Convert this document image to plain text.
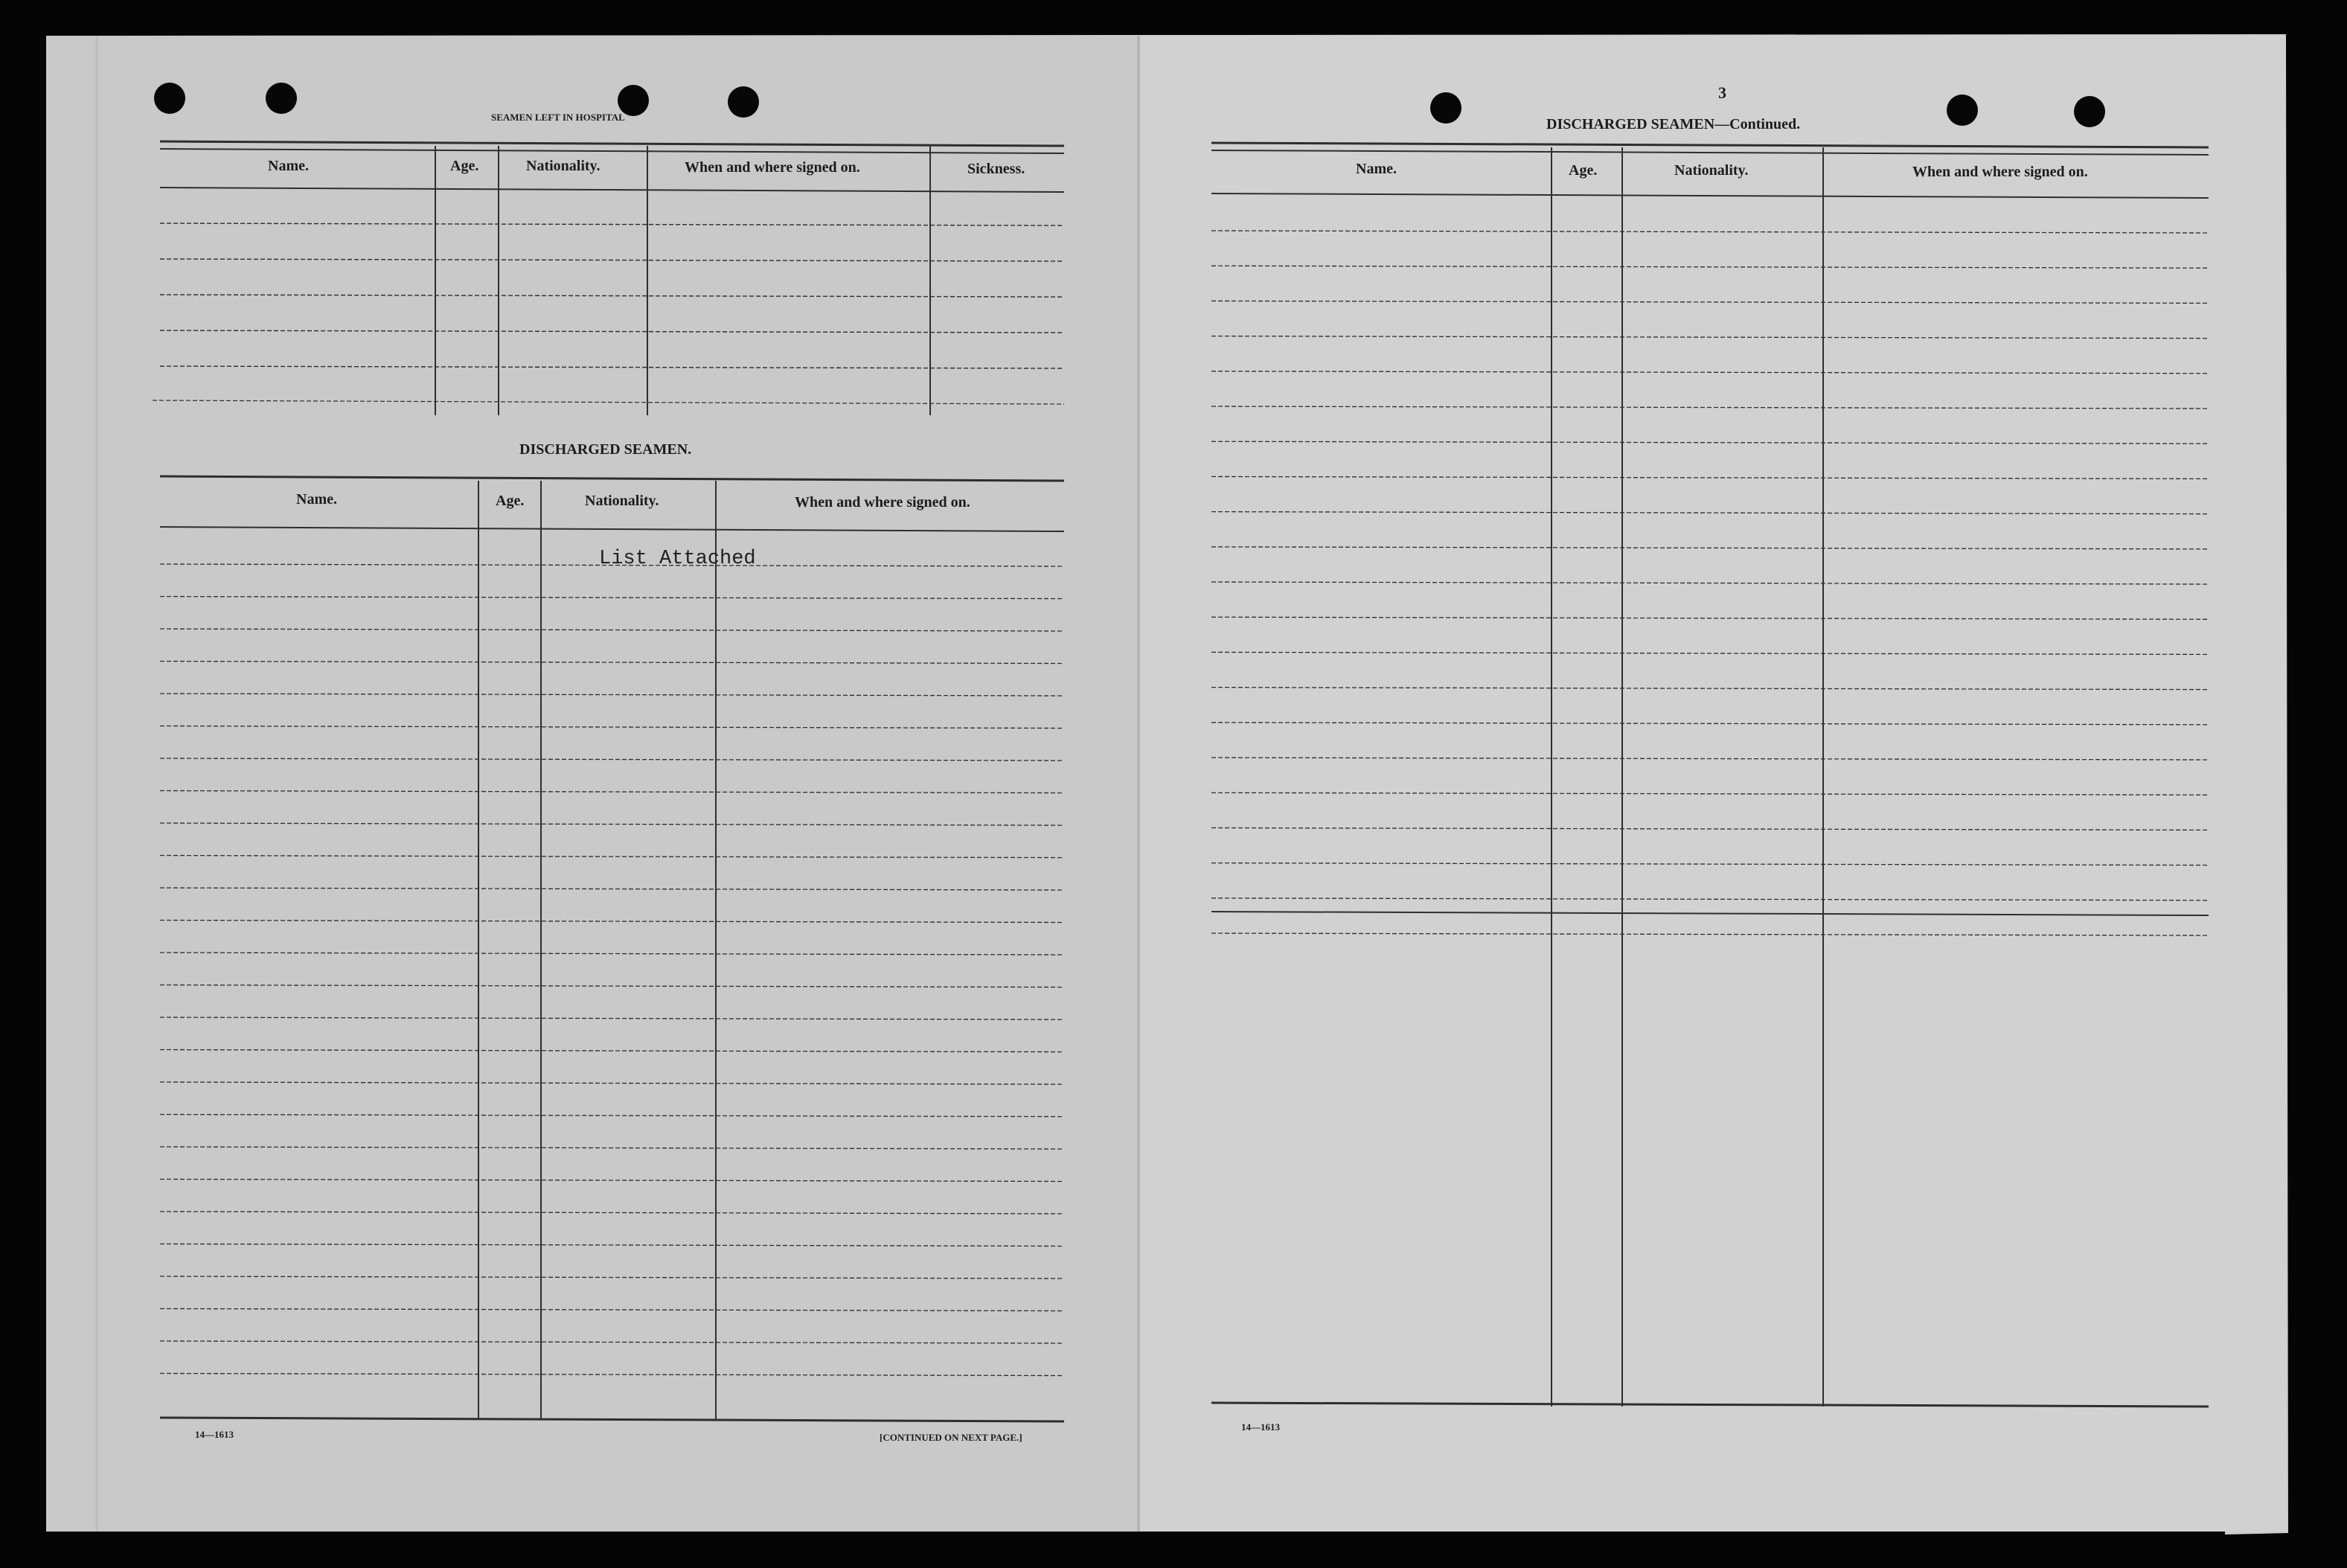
SEAMEN LEFT IN HOSPITAL
Name.	Age.	Nationality.	When and where signed on.	Sickness.
DISCHARGED SEAMEN.
Name.	Age.	Nationality.	When and where signed on.
List Attached
14—1613	[CONTINUED ON NEXT PAGE.]
3
DISCHARGED SEAMEN—Continued.
Name.	Age.	Nationality.	When and where signed on.
14—1613
